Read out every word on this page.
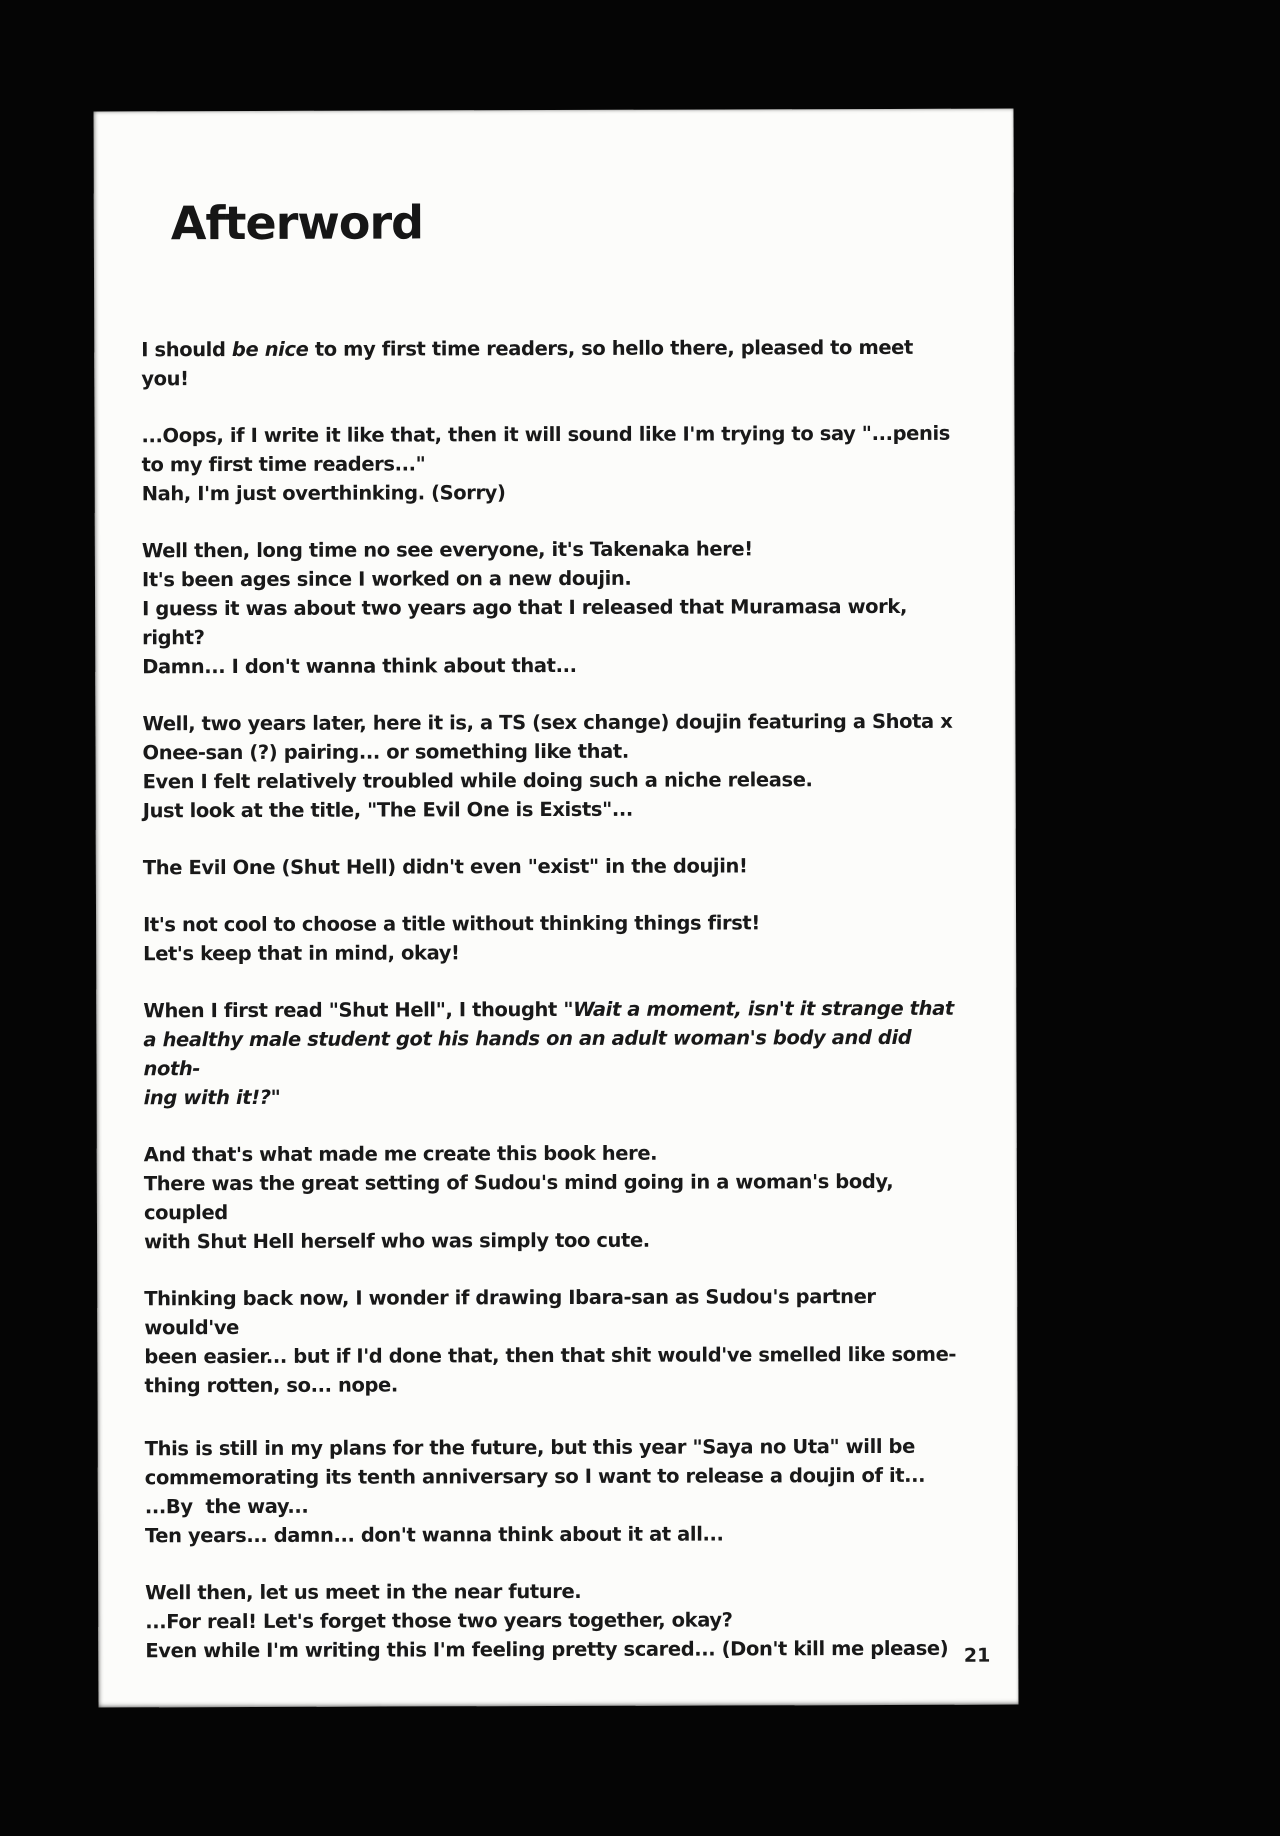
Afterword

I should be nice to my first time readers, so hello there, pleased to meet you!

...Oops, if I write it like that, then it will sound like I'm trying to say "...penis
to my first time readers..."
Nah, I'm just overthinking. (Sorry)

Well then, long time no see everyone, it's Takenaka here!
It's been ages since I worked on a new doujin.
I guess it was about two years ago that I released that Muramasa work,
right?
Damn... I don't wanna think about that...

Well, two years later, here it is, a TS (sex change) doujin featuring a Shota x
Onee-san (?) pairing... or something like that.
Even I felt relatively troubled while doing such a niche release.
Just look at the title, "The Evil One is Exists"...

The Evil One (Shut Hell) didn't even "exist" in the doujin!

It's not cool to choose a title without thinking things first!
Let's keep that in mind, okay!

When I first read "Shut Hell", I thought "Wait a moment, isn't it strange that
a healthy male student got his hands on an adult woman's body and did noth-
ing with it!?"

And that's what made me create this book here.
There was the great setting of Sudou's mind going in a woman's body, coupled
with Shut Hell herself who was simply too cute.

Thinking back now, I wonder if drawing Ibara-san as Sudou's partner would've
been easier... but if I'd done that, then that shit would've smelled like some-
thing rotten, so... nope.

This is still in my plans for the future, but this year "Saya no Uta" will be
commemorating its tenth anniversary so I want to release a doujin of it...
...By  the way...
Ten years... damn... don't wanna think about it at all...

Well then, let us meet in the near future.
...For real! Let's forget those two years together, okay?
Even while I'm writing this I'm feeling pretty scared... (Don't kill me please) 21
